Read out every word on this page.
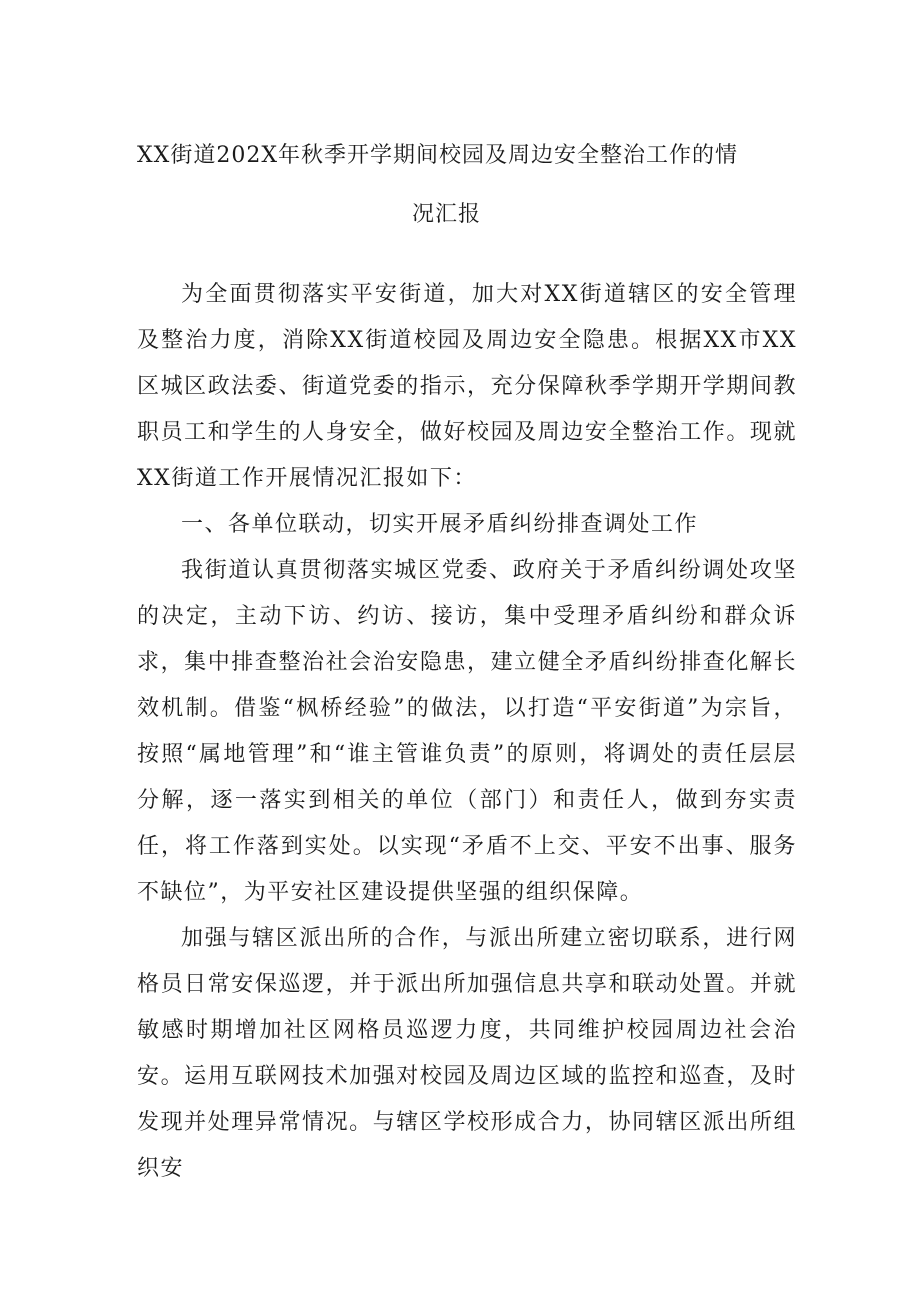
XX街道202X年秋季开学期间校园及周边安全整治工作的情
况汇报

为全面贯彻落实平安街道，加大对XX街道辖区的安全管理及整治力度，消除XX街道校园及周边安全隐患。根据XX市XX区城区政法委、街道党委的指示，充分保障秋季学期开学期间教职员工和学生的人身安全，做好校园及周边安全整治工作。现就XX街道工作开展情况汇报如下：

一、各单位联动，切实开展矛盾纠纷排查调处工作

我街道认真贯彻落实城区党委、政府关于矛盾纠纷调处攻坚的决定，主动下访、约访、接访，集中受理矛盾纠纷和群众诉求，集中排查整治社会治安隐患，建立健全矛盾纠纷排查化解长效机制。借鉴“枫桥经验”的做法，以打造“平安街道”为宗旨，按照“属地管理”和“谁主管谁负责”的原则，将调处的责任层层分解，逐一落实到相关的单位（部门）和责任人，做到夯实责任，将工作落到实处。以实现“矛盾不上交、平安不出事、服务不缺位”，为平安社区建设提供坚强的组织保障。

加强与辖区派出所的合作，与派出所建立密切联系，进行网格员日常安保巡逻，并于派出所加强信息共享和联动处置。并就敏感时期增加社区网格员巡逻力度，共同维护校园周边社会治安。运用互联网技术加强对校园及周边区域的监控和巡查，及时发现并处理异常情况。与辖区学校形成合力，协同辖区派出所组织安
